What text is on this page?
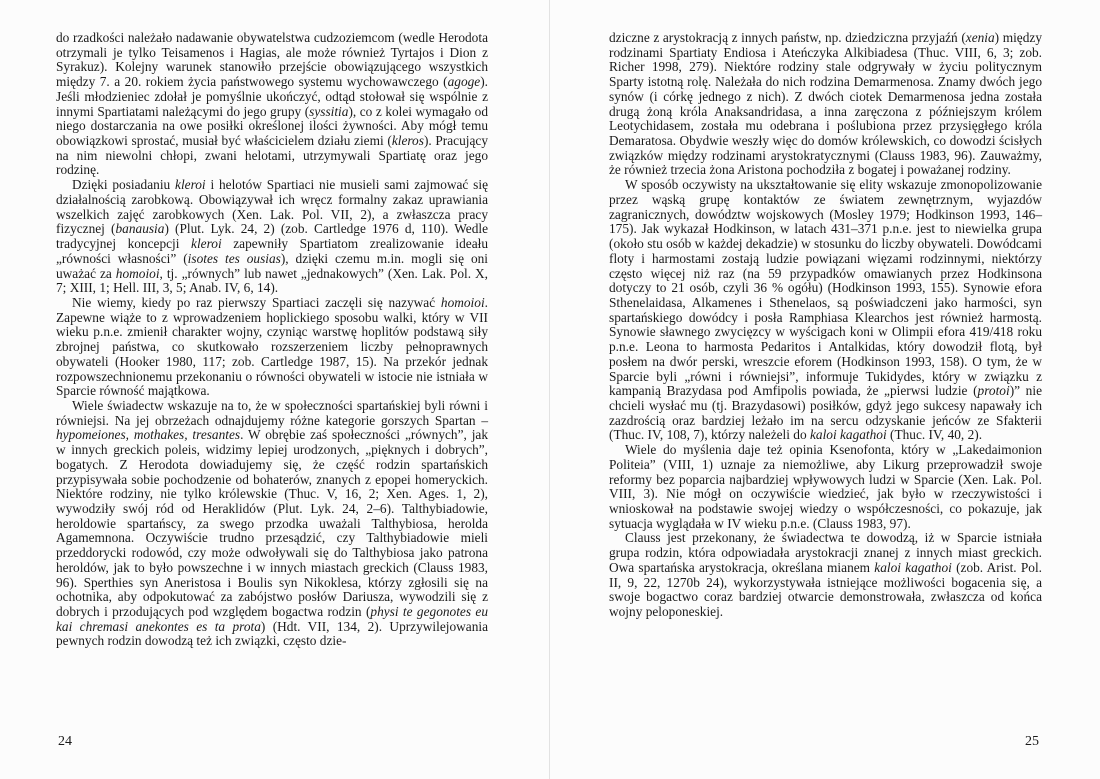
do rzadkości należało nadawanie obywatelstwa cudzoziemcom (wedle Herodota otrzymali je tylko Teisamenos i Hagias, ale może również Tyrtajos i Dion z Syrakuz). Kolejny warunek stanowiło przejście obowiązującego wszystkich między 7. a 20. rokiem życia państwowego systemu wychowawczego (agoge). Jeśli młodzieniec zdołał je pomyślnie ukończyć, odtąd stołował się wspólnie z innymi Spartiatami należącymi do jego grupy (syssitia), co z kolei wymagało od niego dostarczania na owe posiłki określonej ilości żywności. Aby mógł temu obowiązkowi sprostać, musiał być właścicielem działu ziemi (kleros). Pracujący na nim niewolni chłopi, zwani helotami, utrzymywali Spartiatę oraz jego rodzinę.

Dzięki posiadaniu kleroi i helotów Spartiaci nie musieli sami zajmować się działalnością zarobkową. Obowiązywał ich wręcz formalny zakaz uprawiania wszelkich zajęć zarobkowych (Xen. Lak. Pol. VII, 2), a zwłaszcza pracy fizycznej (banausia) (Plut. Lyk. 24, 2) (zob. Cartledge 1976 d, 110). Wedle tradycyjnej koncepcji kleroi zapewniły Spartiatom zrealizowanie ideału „równości własności” (isotes tes ousias), dzięki czemu m.in. mogli się oni uważać za homoioi, tj. „równych” lub nawet „jednakowych” (Xen. Lak. Pol. X, 7; XIII, 1; Hell. III, 3, 5; Anab. IV, 6, 14).

Nie wiemy, kiedy po raz pierwszy Spartiaci zaczęli się nazywać homoioi. Zapewne wiąże to z wprowadzeniem hoplickiego sposobu walki, który w VII wieku p.n.e. zmienił charakter wojny, czyniąc warstwę hoplitów podstawą siły zbrojnej państwa, co skutkowało rozszerzeniem liczby pełnoprawnych obywateli (Hooker 1980, 117; zob. Cartledge 1987, 15). Na przekór jednak rozpowszechnionemu przekonaniu o równości obywateli w istocie nie istniała w Sparcie równość majątkowa.

Wiele świadectw wskazuje na to, że w społeczności spartańskiej byli równi i równiejsi. Na jej obrzeżach odnajdujemy różne kategorie gorszych Spartan – hypomeiones, mothakes, tresantes. W obrębie zaś społeczności „równych”, jak w innych greckich poleis, widzimy lepiej urodzonych, „pięknych i dobrych”, bogatych. Z Herodota dowiadujemy się, że część rodzin spartańskich przypisywała sobie pochodzenie od bohaterów, znanych z epopei homeryckich. Niektóre rodziny, nie tylko królewskie (Thuc. V, 16, 2; Xen. Ages. 1, 2), wywodziły swój ród od Heraklidów (Plut. Lyk. 24, 2–6). Talthybiadowie, heroldowie spartańscy, za swego przodka uważali Talthybiosa, herolda Agamemnona. Oczywiście trudno przesądzić, czy Talthybiadowie mieli przeddorycki rodowód, czy może odwoływali się do Talthybiosa jako patrona heroldów, jak to było powszechne i w innych miastach greckich (Clauss 1983, 96). Sperthies syn Aneristosa i Boulis syn Nikoklesa, którzy zgłosili się na ochotnika, aby odpokutować za zabójstwo posłów Dariusza, wywodzili się z dobrych i przodujących pod względem bogactwa rodzin (physi te gegonotes eu kai chremasi anekontes es ta prota) (Hdt. VII, 134, 2). Uprzywilejowania pewnych rodzin dowodzą też ich związki, często dzie-

24

dziczne z arystokracją z innych państw, np. dziedziczna przyjaźń (xenia) między rodzinami Spartiaty Endiosa i Ateńczyka Alkibiadesa (Thuc. VIII, 6, 3; zob. Richer 1998, 279). Niektóre rodziny stale odgrywały w życiu politycznym Sparty istotną rolę. Należała do nich rodzina Demarmenosa. Znamy dwóch jego synów (i córkę jednego z nich). Z dwóch ciotek Demarmenosa jedna została drugą żoną króla Anaksandridasa, a inna zaręczona z późniejszym królem Leotychidasem, została mu odebrana i poślubiona przez przysięgłego króla Demaratosa. Obydwie weszły więc do domów królewskich, co dowodzi ścisłych związków między rodzinami arystokratycznymi (Clauss 1983, 96). Zauważmy, że również trzecia żona Aristona pochodziła z bogatej i poważanej rodziny.

W sposób oczywisty na ukształtowanie się elity wskazuje zmonopolizowanie przez wąską grupę kontaktów ze światem zewnętrznym, wyjazdów zagranicznych, dowództw wojskowych (Mosley 1979; Hodkinson 1993, 146–175). Jak wykazał Hodkinson, w latach 431–371 p.n.e. jest to niewielka grupa (około stu osób w każdej dekadzie) w stosunku do liczby obywateli. Dowódcami floty i harmostami zostają ludzie powiązani więzami rodzinnymi, niektórzy często więcej niż raz (na 59 przypadków omawianych przez Hodkinsona dotyczy to 21 osób, czyli 36 % ogółu) (Hodkinson 1993, 155). Synowie efora Sthenelaidasa, Alkamenes i Sthenelaos, są poświadczeni jako harmości, syn spartańskiego dowódcy i posła Ramphiasa Klearchos jest również harmostą. Synowie sławnego zwycięzcy w wyścigach koni w Olimpii efora 419/418 roku p.n.e. Leona to harmosta Pedaritos i Antalkidas, który dowodził flotą, był posłem na dwór perski, wreszcie eforem (Hodkinson 1993, 158). O tym, że w Sparcie byli „równi i równiejsi”, informuje Tukidydes, który w związku z kampanią Brazydasa pod Amfipolis powiada, że „pierwsi ludzie (protoi)” nie chcieli wysłać mu (tj. Brazydasowi) posiłków, gdyż jego sukcesy napawały ich zazdrością oraz bardziej leżało im na sercu odzyskanie jeńców ze Sfakterii (Thuc. IV, 108, 7), którzy należeli do kaloi kagathoi (Thuc. IV, 40, 2).

Wiele do myślenia daje też opinia Ksenofonta, który w „Lakedaimonion Politeia” (VIII, 1) uznaje za niemożliwe, aby Likurg przeprowadził swoje reformy bez poparcia najbardziej wpływowych ludzi w Sparcie (Xen. Lak. Pol. VIII, 3). Nie mógł on oczywiście wiedzieć, jak było w rzeczywistości i wnioskował na podstawie swojej wiedzy o współczesności, co pokazuje, jak sytuacja wyglądała w IV wieku p.n.e. (Clauss 1983, 97).

Clauss jest przekonany, że świadectwa te dowodzą, iż w Sparcie istniała grupa rodzin, która odpowiadała arystokracji znanej z innych miast greckich. Owa spartańska arystokracja, określana mianem kaloi kagathoi (zob. Arist. Pol. II, 9, 22, 1270b 24), wykorzystywała istniejące możliwości bogacenia się, a swoje bogactwo coraz bardziej otwarcie demonstrowała, zwłaszcza od końca wojny peloponeskiej.

25
